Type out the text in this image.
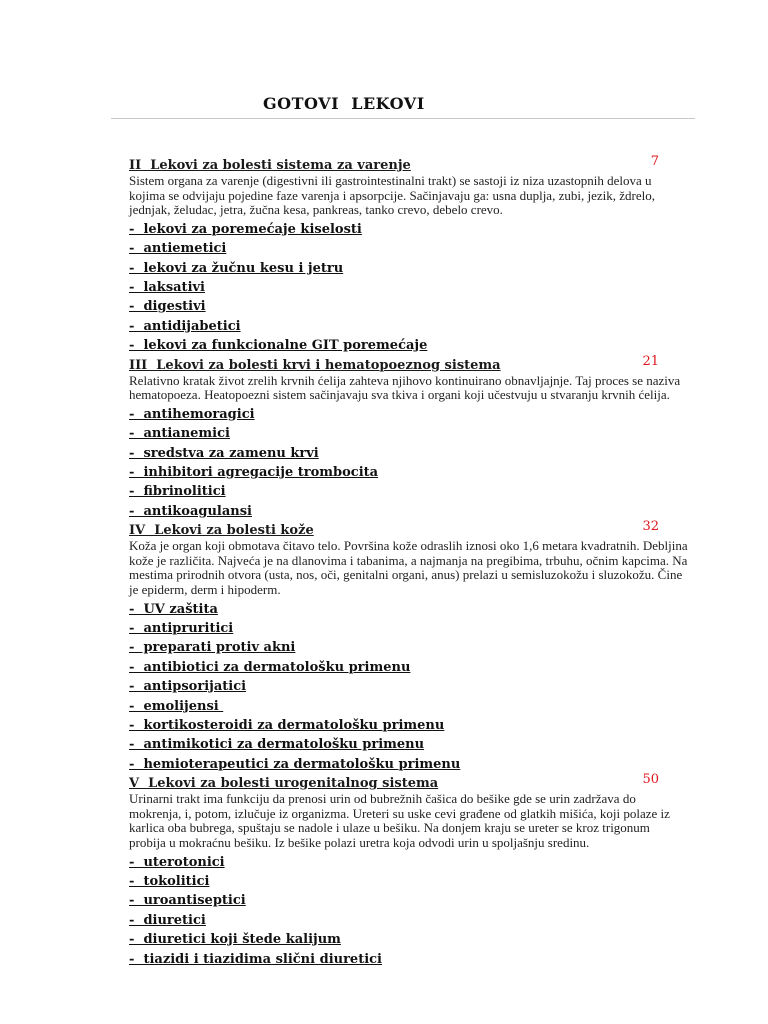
GOTOVI  LEKOVI
II  Lekovi za bolesti sistema za varenje	7

Sistem organa za varenje (digestivni ili gastrointestinalni trakt) se sastoji iz niza uzastopnih delova u kojima se odvijaju pojedine faze varenja i apsorpcije. Sačinjavaju ga: usna duplja, zubi, jezik, ždrelo, jednjak, želudac, jetra, žučna kesa, pankreas, tanko crevo, debelo crevo.

-  lekovi za poremećaje kiselosti
-  antiemetici
-  lekovi za žučnu kesu i jetru
-  laksativi
-  digestivi
-  antidijabetici
-  lekovi za funkcionalne GIT poremećaje
III  Lekovi za bolesti krvi i hematopoeznog sistema	21

Relativno kratak život zrelih krvnih ćelija zahteva njihovo kontinuirano obnavljajnje. Taj proces se naziva hematopoeza. Heatopoezni sistem sačinjavaju sva tkiva i organi koji učestvuju u stvaranju krvnih ćelija.

-  antihemoragici
-  antianemici
-  sredstva za zamenu krvi
-  inhibitori agregacije trombocita
-  fibrinolitici
-  antikoagulansi
IV  Lekovi za bolesti kože	32

Koža je organ koji obmotava čitavo telo. Površina kože odraslih iznosi oko 1,6 metara kvadratnih. Debljina kože je različita. Najveća je na dlanovima i tabanima, a najmanja na pregibima, trbuhu, očnim kapcima. Na mestima prirodnih otvora (usta, nos, oči, genitalni organi, anus) prelazi u semisluzokožu i sluzokožu. Čine je epiderm, derm i hipoderm.

-  UV zaštita
-  antipruritici
-  preparati protiv akni
-  antibiotici za dermatološku primenu
-  antipsorijatici
-  emolijensi
-  kortikosteroidi za dermatološku primenu
-  antimikotici za dermatološku primenu
-  hemioterapeutici za dermatološku primenu
V  Lekovi za bolesti urogenitalnog sistema	50

Urinarni trakt ima funkciju da prenosi urin od bubrežnih čašica do bešike gde se urin zadržava do mokrenja, i, potom, izlučuje iz organizma. Ureteri su uske cevi građene od glatkih mišića, koji polaze iz karlica oba bubrega, spuštaju se nadole i ulaze u bešiku. Na donjem kraju se ureter se kroz trigonum probija u mokraćnu bešiku. Iz bešike polazi uretra koja odvodi urin u spoljašnju sredinu.

-  uterotonici
-  tokolitici
-  uroantiseptici
-  diuretici
-  diuretici koji štede kalijum
-  tiazidi i tiazidima slični diuretici
